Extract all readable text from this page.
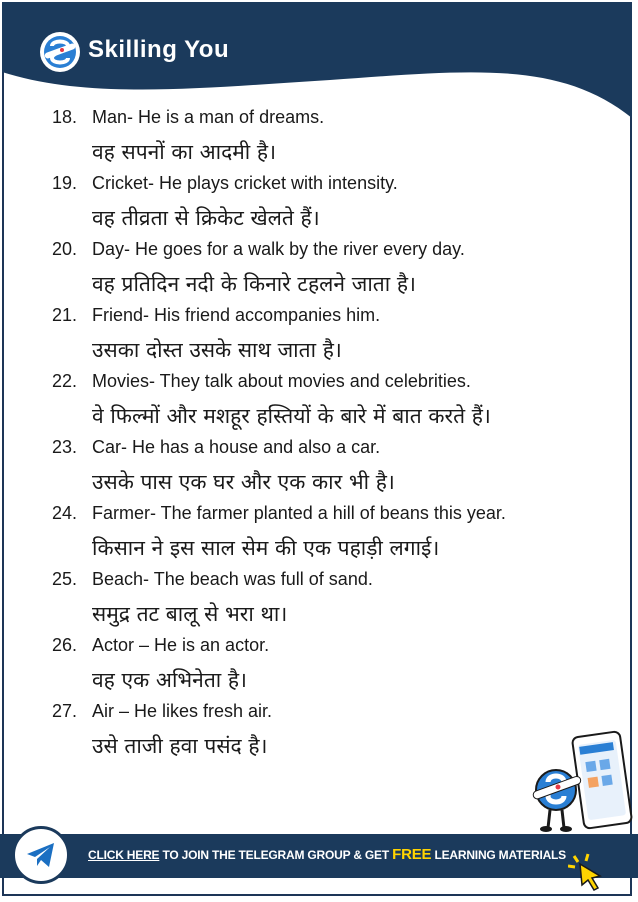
Skilling You
18. Man- He is a man of dreams.
वह सपनों का आदमी है।
19. Cricket- He plays cricket with intensity.
वह तीव्रता से क्रिकेट खेलते हैं।
20. Day- He goes for a walk by the river every day.
वह प्रतिदिन नदी के किनारे टहलने जाता है।
21. Friend- His friend accompanies him.
उसका दोस्त उसके साथ जाता है।
22. Movies- They talk about movies and celebrities.
वे फिल्मों और मशहूर हस्तियों के बारे में बात करते हैं।
23. Car- He has a house and also a car.
उसके पास एक घर और एक कार भी है।
24. Farmer- The farmer planted a hill of beans this year.
किसान ने इस साल सेम की एक पहाड़ी लगाई।
25. Beach- The beach was full of sand.
समुद्र तट बालू से भरा था।
26. Actor – He is an actor.
वह एक अभिनेता है।
27. Air – He likes fresh air.
उसे ताजी हवा पसंद है।
CLICK HERE TO JOIN THE TELEGRAM GROUP & GET FREE LEARNING MATERIALS
